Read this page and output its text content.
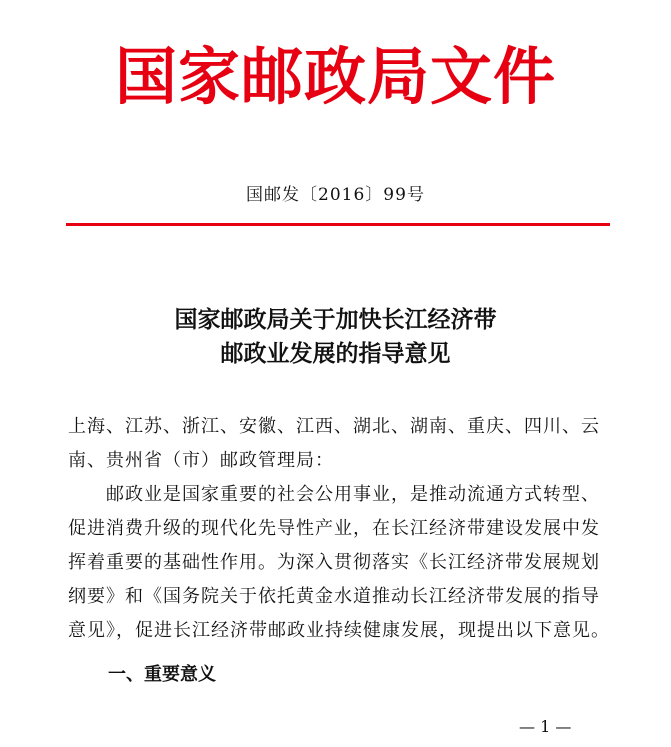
国家邮政局文件
国邮发〔2016〕99号
国家邮政局关于加快长江经济带
邮政业发展的指导意见

上海、江苏、浙江、安徽、江西、湖北、湖南、重庆、四川、云南、贵州省（市）邮政管理局：

邮政业是国家重要的社会公用事业，是推动流通方式转型、促进消费升级的现代化先导性产业，在长江经济带建设发展中发挥着重要的基础性作用。为深入贯彻落实《长江经济带发展规划纲要》和《国务院关于依托黄金水道推动长江经济带发展的指导意见》，促进长江经济带邮政业持续健康发展，现提出以下意见。

一、重要意义
— 1 —
